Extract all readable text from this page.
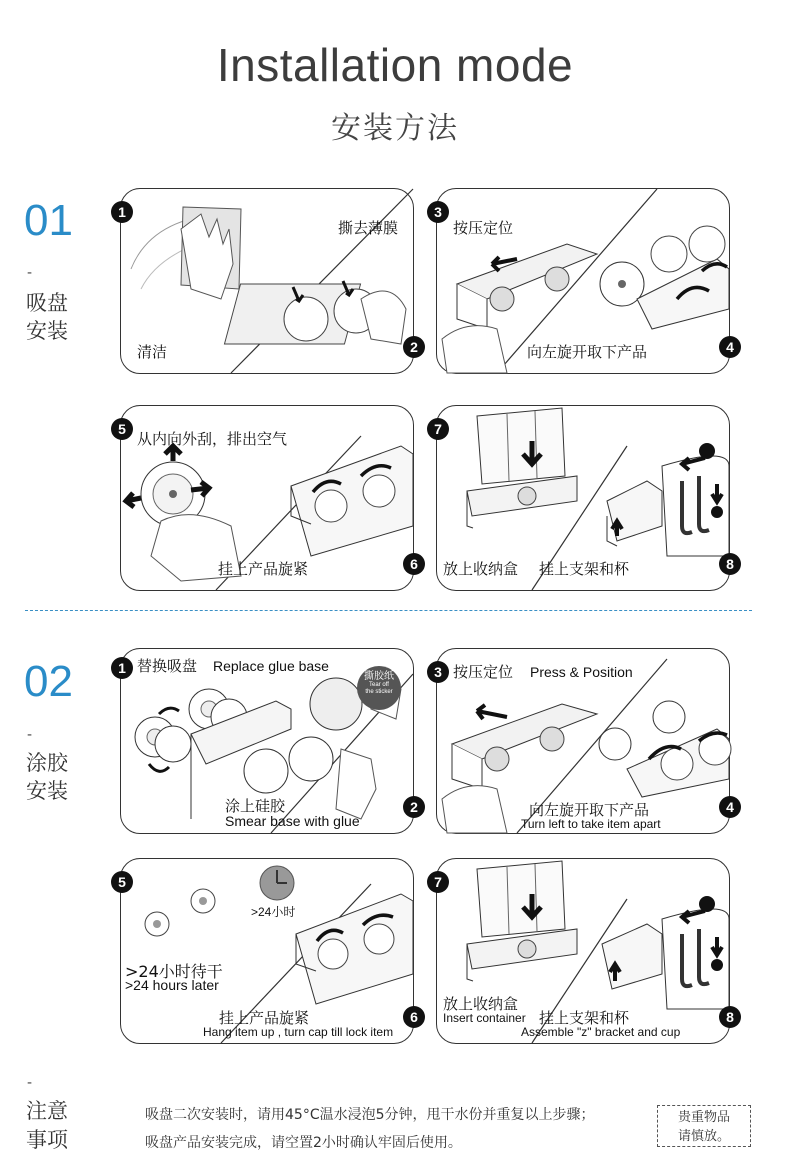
Installation mode
安装方法
01
-
吸盘
安装
1
清洁
撕去薄膜
2
3
按压定位
向左旋开取下产品	4
5
从内向外刮，排出空气
挂上产品旋紧	6
7
放上收纳盒 挂上支架和杯	8
02
-
涂胶
安装
1 替换吸盘 Replace glue base
撕胶纸
Tear off
the sticker
涂上硅胶
Smear base with glue
2
3 按压定位 Press & Position
向左旋开取下产品
Turn left to take item apart
4
5
>24小时
>24小时待干
>24 hours later
挂上产品旋紧
Hang item up , turn cap till lock item
6
7
放上收纳盒
Insert container 挂上支架和杯
Assemble "z" bracket and cup
8
-
注意
事项
吸盘二次安装时，请用45°C温水浸泡5分钟，甩干水份并重复以上步骤；
吸盘产品安装完成，请空置2小时确认牢固后使用。
贵重物品
请慎放。
